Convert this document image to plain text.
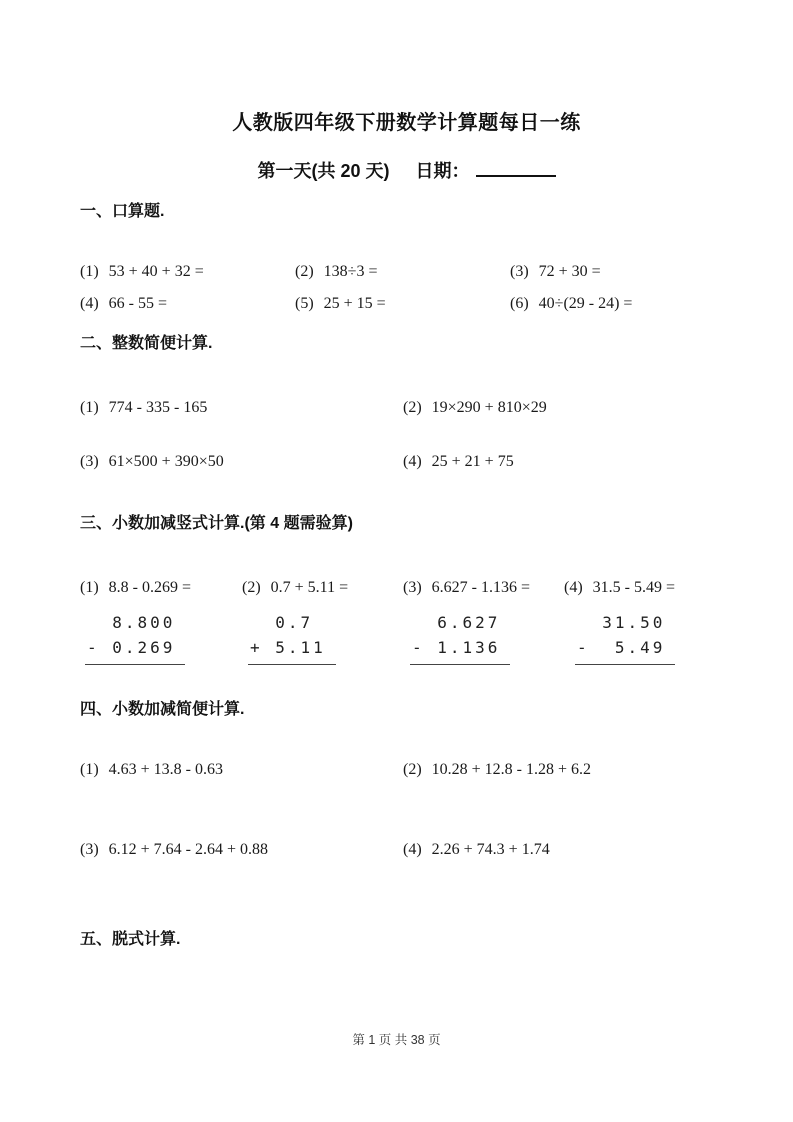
人教版四年级下册数学计算题每日一练
第一天(共 20 天) 日期：
一、口算题.
(1) 53 + 40 + 32 =	(2) 138÷3 =	(3) 72 + 30 =
(4) 66 - 55 =	(5) 25 + 15 =	(6) 40÷(29 - 24) =
二、整数简便计算.
(1) 774 - 335 - 165	(2) 19×290 + 810×29
(3) 61×500 + 390×50	(4) 25 + 21 + 75
三、小数加减竖式计算.(第 4 题需验算)
(1) 8.8 - 0.269 =	(2) 0.7 + 5.11 =	(3) 6.627 - 1.136 =	(4) 31.5 - 5.49 =
8.800
- 0.269
0.7
+ 5.11
6.627
- 1.136
31.50
-  5.49
四、小数加减简便计算.
(1) 4.63 + 13.8 - 0.63	(2) 10.28 + 12.8 - 1.28 + 6.2
(3) 6.12 + 7.64 - 2.64 + 0.88	(4) 2.26 + 74.3 + 1.74
五、脱式计算.
第 1 页 共 38 页
